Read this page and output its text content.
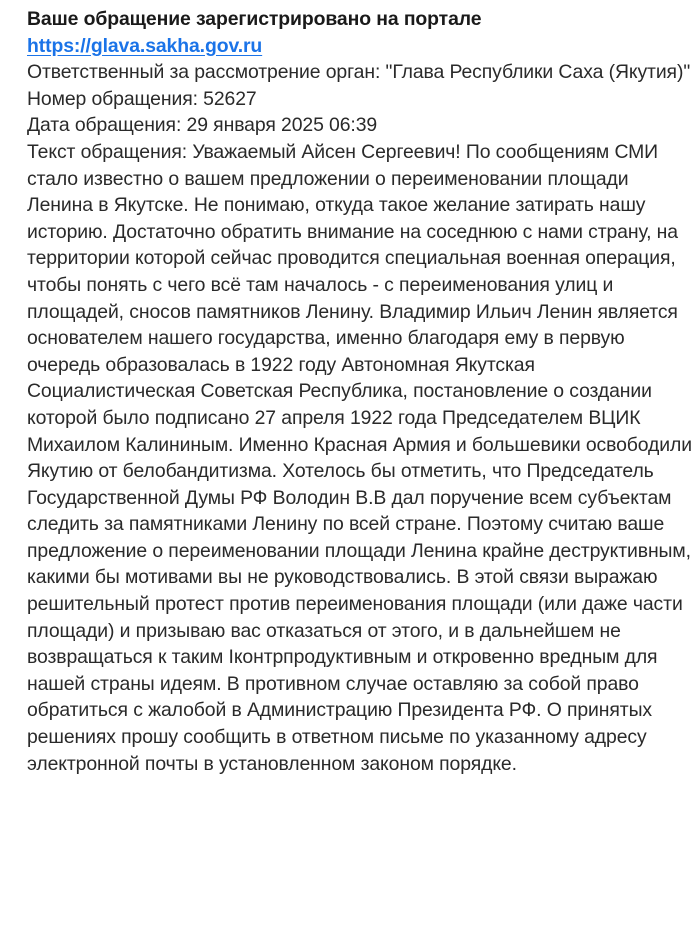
Ваше обращение зарегистрировано на портале

https://glava.sakha.gov.ru

Ответственный за рассмотрение орган: "Глава Республики Саха (Якутия)"

Номер обращения: 52627

Дата обращения: 29 января 2025 06:39

Текст обращения: Уважаемый Айсен Сергеевич! По сообщениям СМИ стало известно о вашем предложении о переименовании площади Ленина в Якутске. Не понимаю, откуда такое желание затирать нашу историю. Достаточно обратить внимание на соседнюю с нами страну, на территории которой сейчас проводится специальная военная операция, чтобы понять с чего всё там началось - с переименования улиц и площадей, сносов памятников Ленину. Владимир Ильич Ленин является основателем нашего государства, именно благодаря ему в первую очередь образовалась в 1922 году Автономная Якутская Социалистическая Советская Республика, постановление о создании которой было подписано 27 апреля 1922 года Председателем ВЦИК Михаилом Калининым. Именно Красная Армия и большевики освободили Якутию от белобандитизма. Хотелось бы отметить, что Председатель Государственной Думы РФ Володин В.В дал поручение всем субъектам следить за памятниками Ленину по всей стране. Поэтому считаю ваше предложение о переименовании площади Ленина крайне деструктивным, какими бы мотивами вы не руководствовались. В этой связи выражаю решительный протест против переименования площади (или даже части площади) и призываю вас отказаться от этого, и в дальнейшем не возвращаться к таким Iконтрпродуктивным и откровенно вредным для нашей страны идеям. В противном случае оставляю за собой право обратиться с жалобой в Администрацию Президента РФ. О принятых решениях прошу сообщить в ответном письме по указанному адресу электронной почты в установленном законом порядке.
